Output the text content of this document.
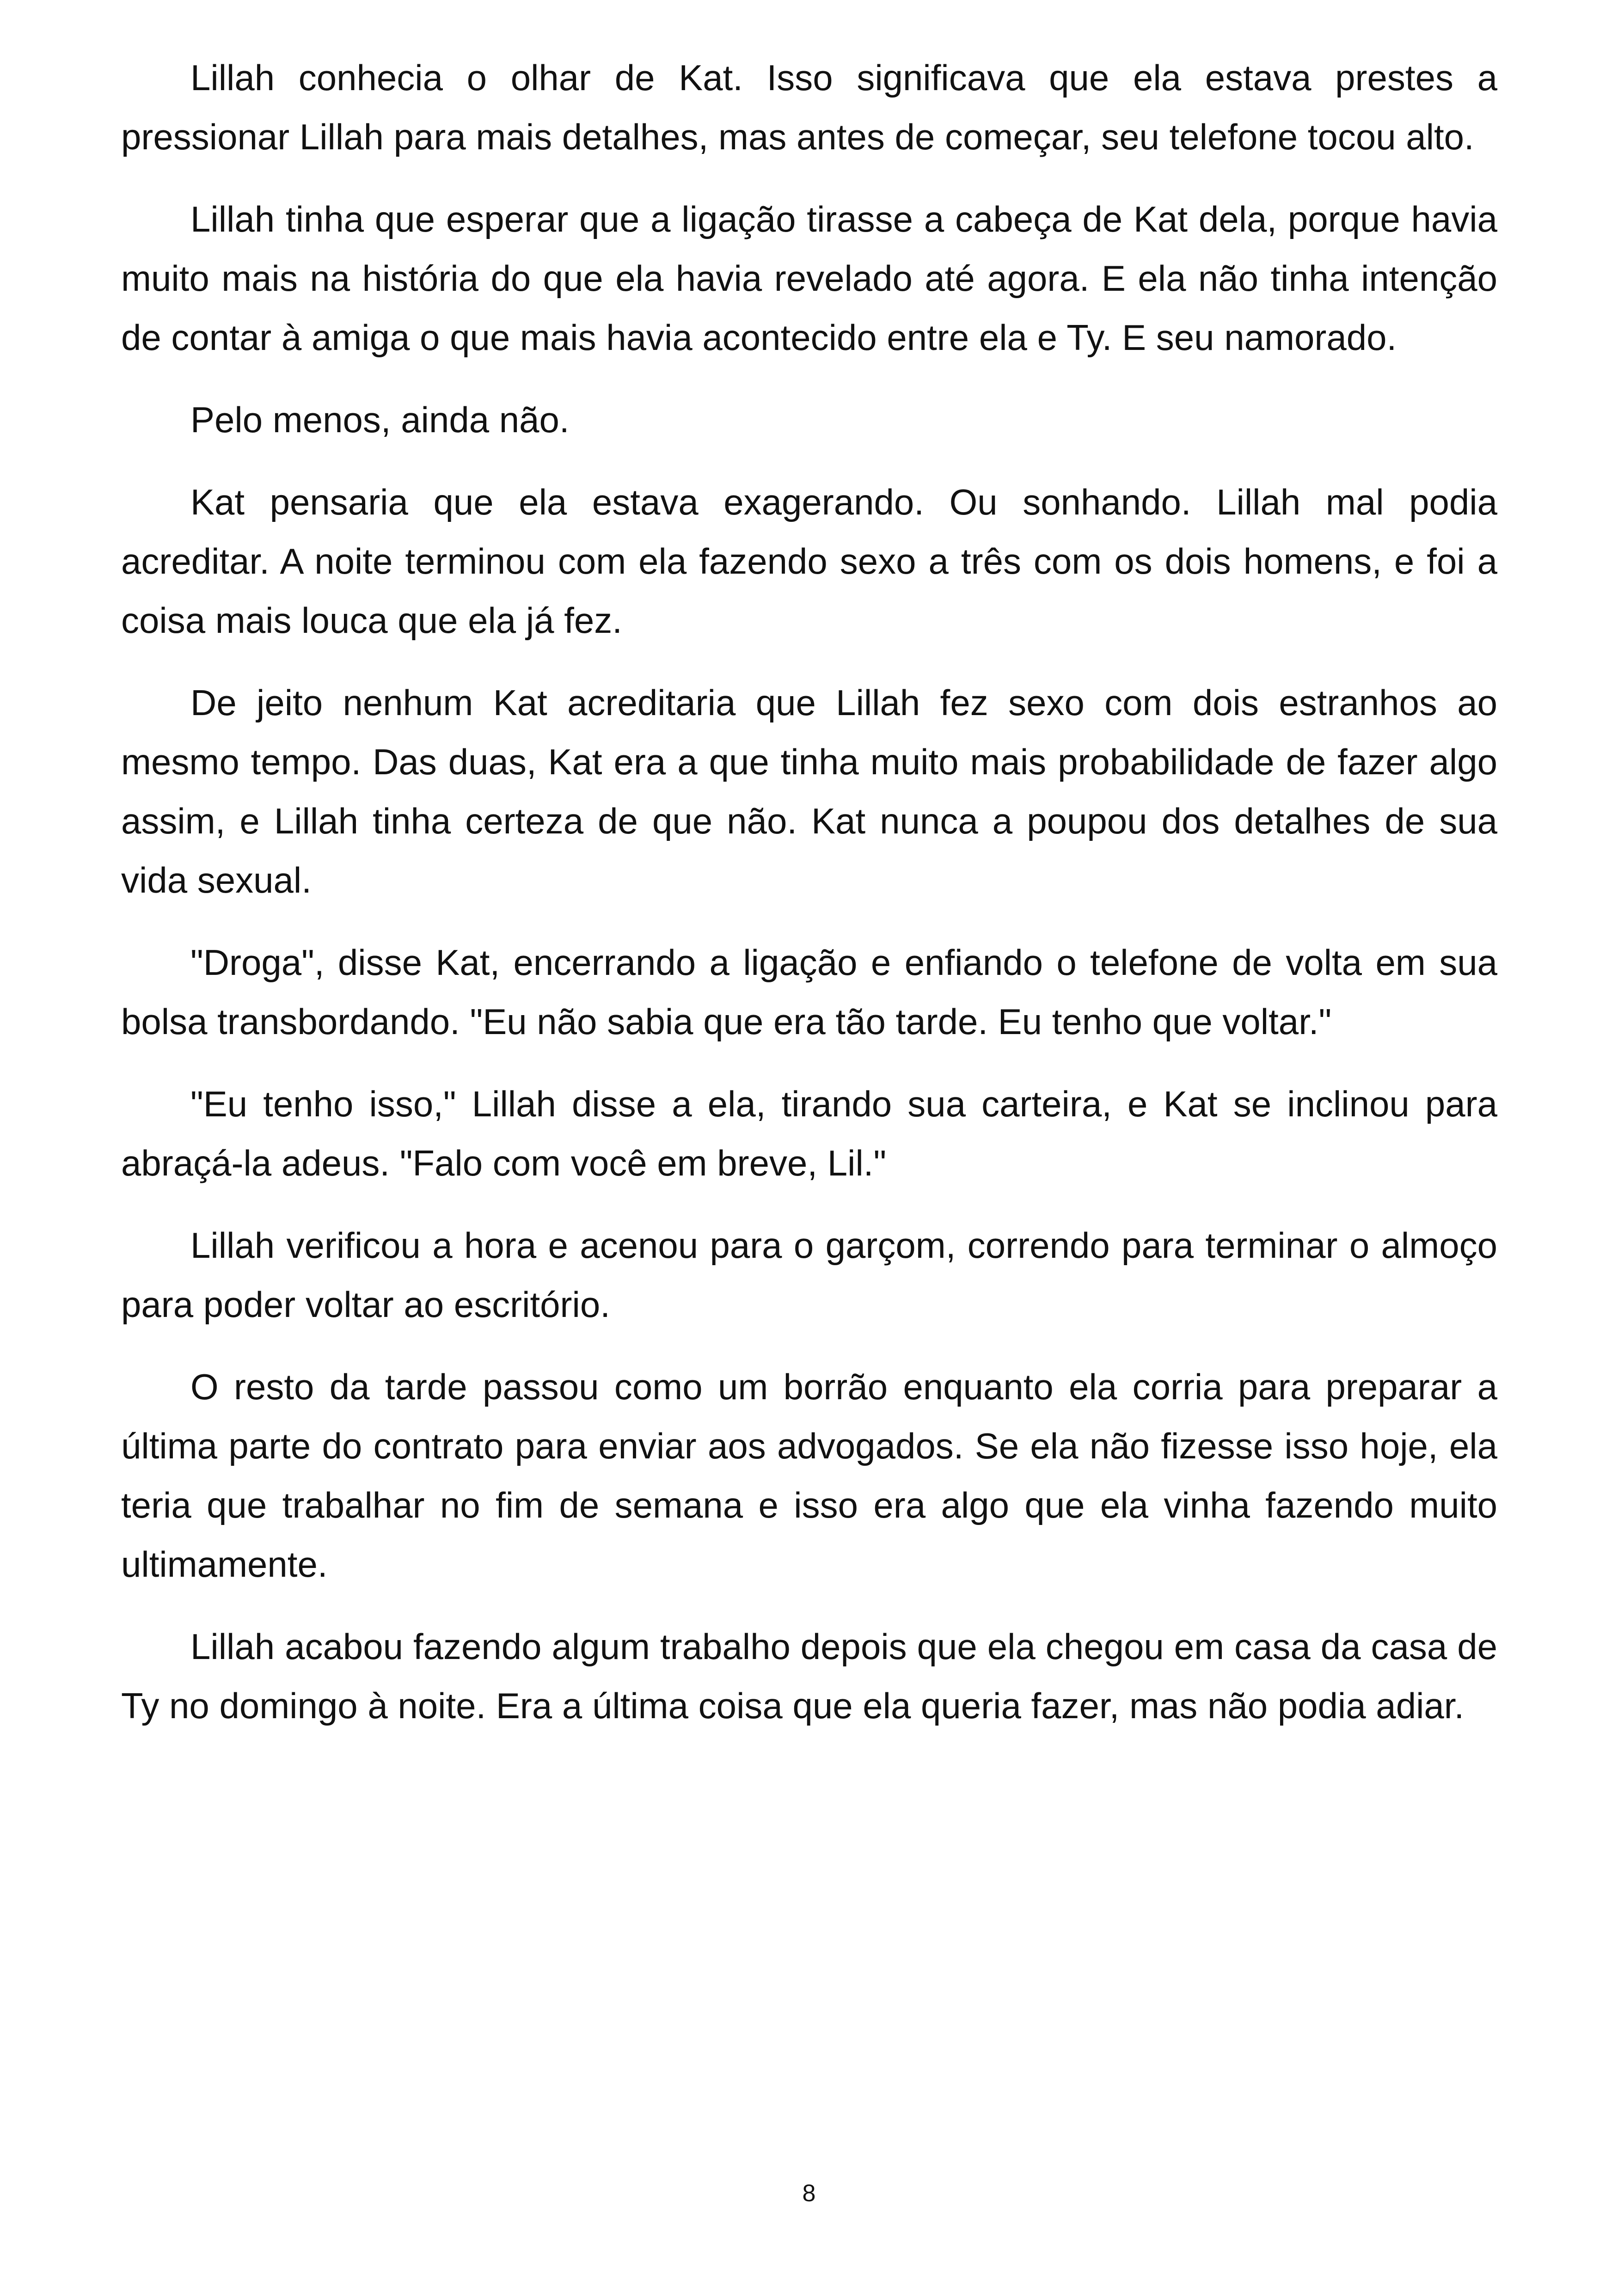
Lillah conhecia o olhar de Kat. Isso significava que ela estava prestes a pressionar Lillah para mais detalhes, mas antes de começar, seu telefone tocou alto.

Lillah tinha que esperar que a ligação tirasse a cabeça de Kat dela, porque havia muito mais na história do que ela havia revelado até agora. E ela não tinha intenção de contar à amiga o que mais havia acontecido entre ela e Ty. E seu namorado.

Pelo menos, ainda não.

Kat pensaria que ela estava exagerando. Ou sonhando. Lillah mal podia acreditar. A noite terminou com ela fazendo sexo a três com os dois homens, e foi a coisa mais louca que ela já fez.

De jeito nenhum Kat acreditaria que Lillah fez sexo com dois estranhos ao mesmo tempo. Das duas, Kat era a que tinha muito mais probabilidade de fazer algo assim, e Lillah tinha certeza de que não. Kat nunca a poupou dos detalhes de sua vida sexual.

"Droga", disse Kat, encerrando a ligação e enfiando o telefone de volta em sua bolsa transbordando. "Eu não sabia que era tão tarde. Eu tenho que voltar."

"Eu tenho isso," Lillah disse a ela, tirando sua carteira, e Kat se inclinou para abraçá-la adeus. "Falo com você em breve, Lil."

Lillah verificou a hora e acenou para o garçom, correndo para terminar o almoço para poder voltar ao escritório.

O resto da tarde passou como um borrão enquanto ela corria para preparar a última parte do contrato para enviar aos advogados. Se ela não fizesse isso hoje, ela teria que trabalhar no fim de semana e isso era algo que ela vinha fazendo muito ultimamente.

Lillah acabou fazendo algum trabalho depois que ela chegou em casa da casa de Ty no domingo à noite. Era a última coisa que ela queria fazer, mas não podia adiar.

8
